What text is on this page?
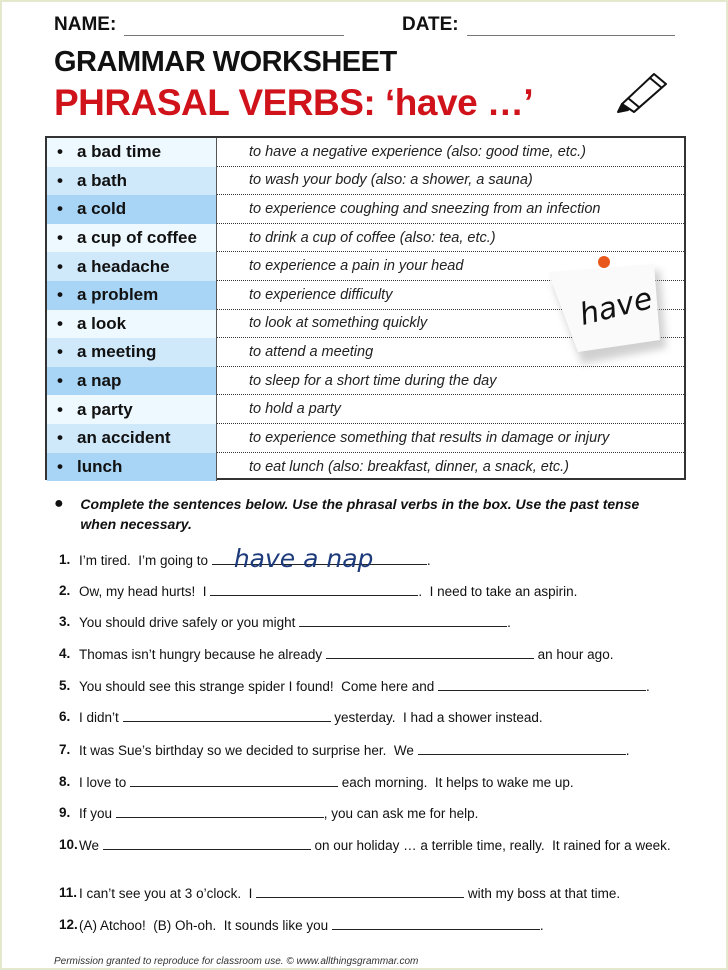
NAME:	DATE:
GRAMMAR WORKSHEET
PHRASAL VERBS: ‘have …’
• a bad time	to have a negative experience (also: good time, etc.)
• a bath	to wash your body (also: a shower, a sauna)
• a cold	to experience coughing and sneezing from an infection
• a cup of coffee	to drink a cup of coffee (also: tea, etc.)
• a headache	to experience a pain in your head
• a problem	to experience difficulty
• a look	to look at something quickly
• a meeting	to attend a meeting
• a nap	to sleep for a short time during the day
• a party	to hold a party
• an accident	to experience something that results in damage or injury
• lunch	to eat lunch (also: breakfast, dinner, a snack, etc.)
have
●	Complete the sentences below. Use the phrasal verbs in the box. Use the past tense when necessary.
1. I’m tired.  I’m going to have a nap	.
2. Ow, my head hurts!  I	.  I need to take an aspirin.
3. You should drive safely or you might	.
4. Thomas isn’t hungry because he already	an hour ago.
5. You should see this strange spider I found!  Come here and	.
6. I didn’t	yesterday.  I had a shower instead.
7. It was Sue’s birthday so we decided to surprise her.  We	.
8. I love to	each morning.  It helps to wake me up.
9. If you	, you can ask me for help.
10. We	on our holiday … a terrible time, really.  It rained for a week.
11. I can’t see you at 3 o’clock.  I	with my boss at that time.
12. (A) Atchoo!  (B) Oh-oh.  It sounds like you	.
Permission granted to reproduce for classroom use. © www.allthingsgrammar.com
